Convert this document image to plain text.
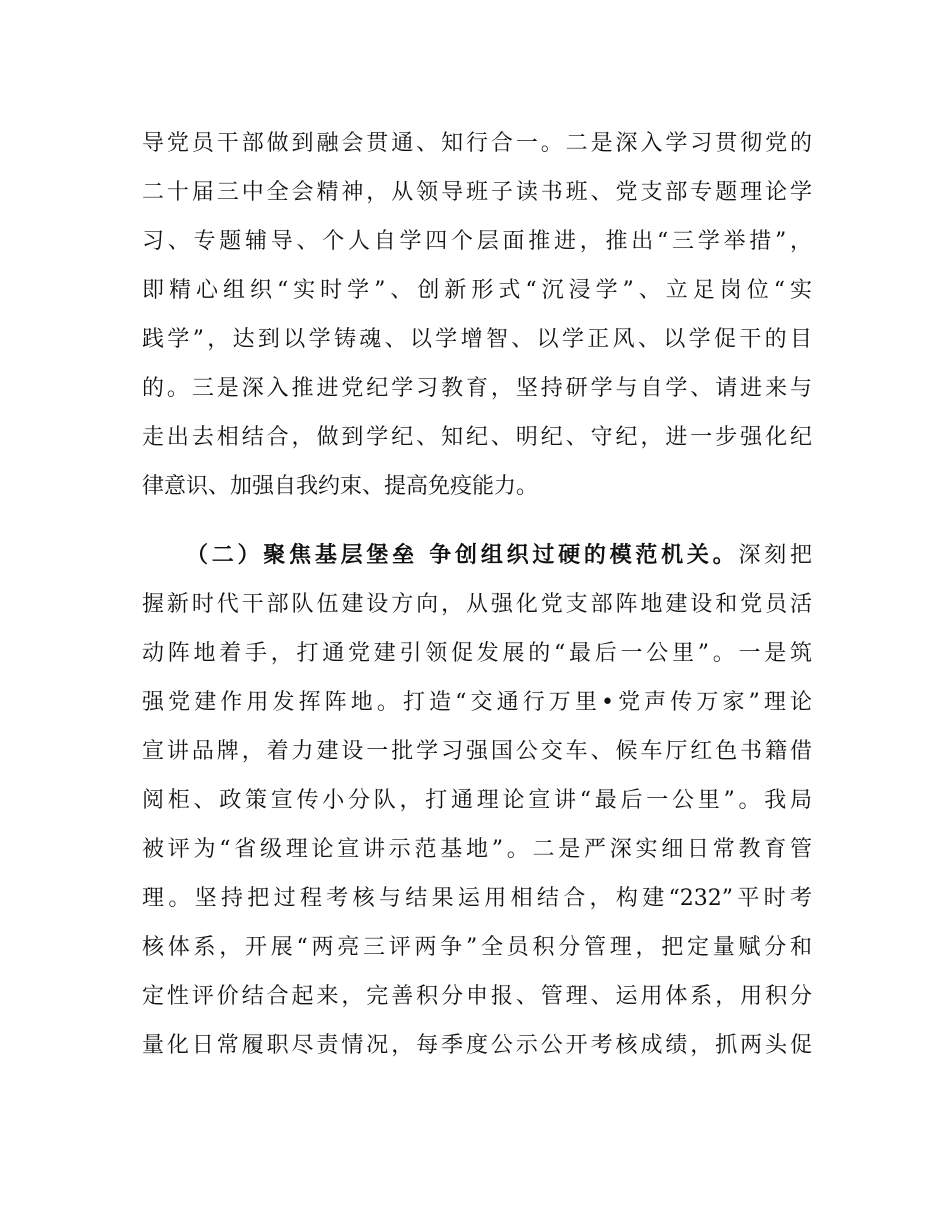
导党员干部做到融会贯通、知行合一。二是深入学习贯彻党的
二十届三中全会精神，从领导班子读书班、党支部专题理论学
习、专题辅导、个人自学四个层面推进，推出“三学举措”，
即精心组织“实时学”、创新形式“沉浸学”、立足岗位“实
践学”，达到以学铸魂、以学增智、以学正风、以学促干的目
的。三是深入推进党纪学习教育，坚持研学与自学、请进来与
走出去相结合，做到学纪、知纪、明纪、守纪，进一步强化纪
律意识、加强自我约束、提高免疫能力。
（二）聚焦基层堡垒 争创组织过硬的模范机关。深刻把
握新时代干部队伍建设方向，从强化党支部阵地建设和党员活
动阵地着手，打通党建引领促发展的“最后一公里”。一是筑
强党建作用发挥阵地。打造“交通行万里•党声传万家”理论
宣讲品牌，着力建设一批学习强国公交车、候车厅红色书籍借
阅柜、政策宣传小分队，打通理论宣讲“最后一公里”。我局
被评为“省级理论宣讲示范基地”。二是严深实细日常教育管
理。坚持把过程考核与结果运用相结合，构建“232”平时考
核体系，开展“两亮三评两争”全员积分管理，把定量赋分和
定性评价结合起来，完善积分申报、管理、运用体系，用积分
量化日常履职尽责情况，每季度公示公开考核成绩，抓两头促
